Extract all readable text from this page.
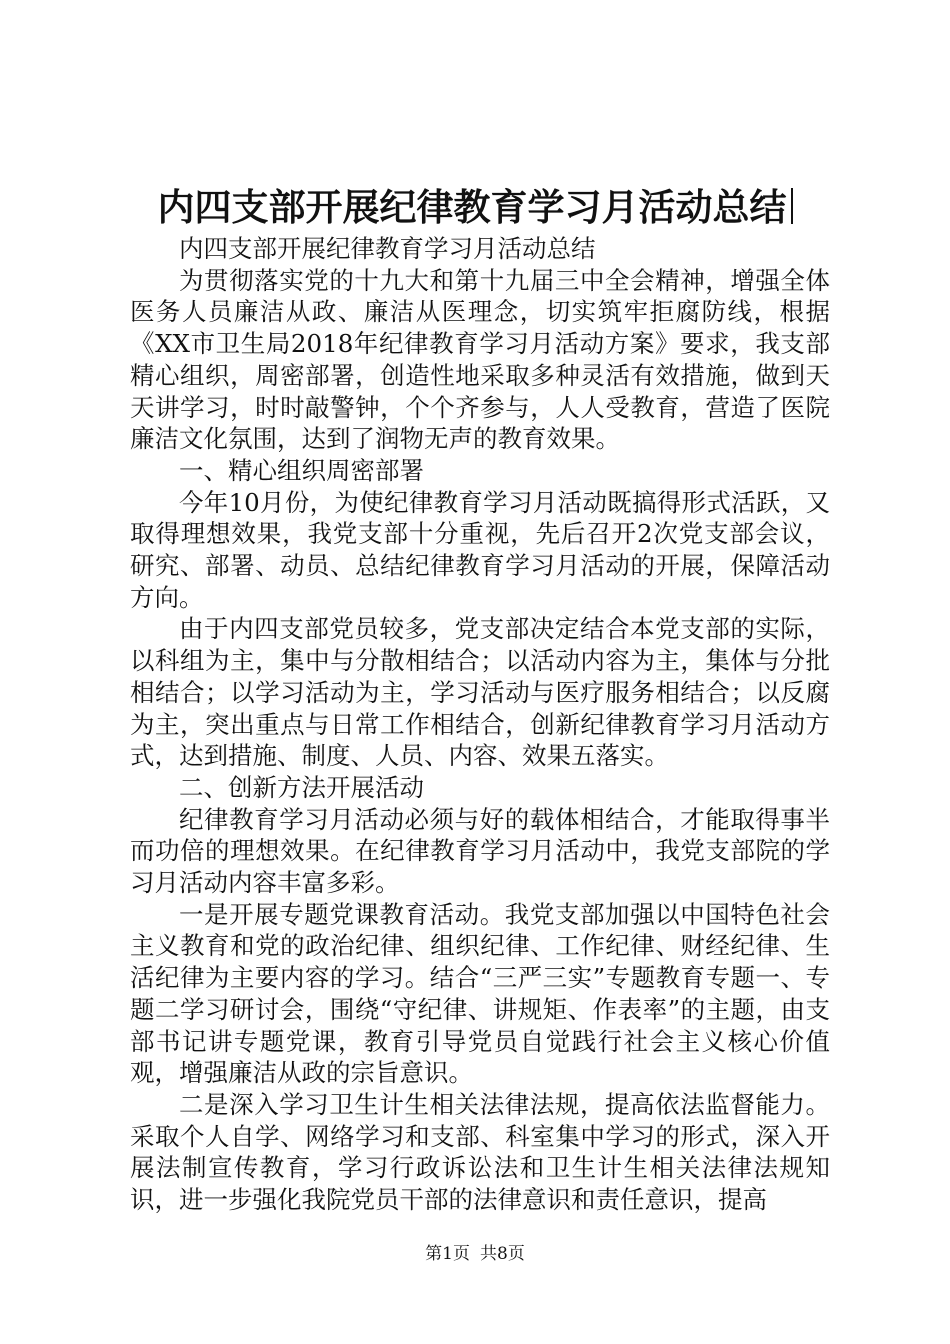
内四支部开展纪律教育学习月活动总结

内四支部开展纪律教育学习月活动总结

为贯彻落实党的十九大和第十九届三中全会精神，增强全体医务人员廉洁从政、廉洁从医理念，切实筑牢拒腐防线，根据《XX市卫生局2018年纪律教育学习月活动方案》要求，我支部精心组织，周密部署，创造性地采取多种灵活有效措施，做到天天讲学习，时时敲警钟，个个齐参与，人人受教育，营造了医院廉洁文化氛围，达到了润物无声的教育效果。

一、精心组织周密部署

今年10月份，为使纪律教育学习月活动既搞得形式活跃，又取得理想效果，我党支部十分重视，先后召开2次党支部会议，研究、部署、动员、总结纪律教育学习月活动的开展，保障活动方向。

由于内四支部党员较多，党支部决定结合本党支部的实际，以科组为主，集中与分散相结合；以活动内容为主，集体与分批相结合；以学习活动为主，学习活动与医疗服务相结合；以反腐为主，突出重点与日常工作相结合，创新纪律教育学习月活动方式，达到措施、制度、人员、内容、效果五落实。

二、创新方法开展活动

纪律教育学习月活动必须与好的载体相结合，才能取得事半而功倍的理想效果。在纪律教育学习月活动中，我党支部院的学习月活动内容丰富多彩。

一是开展专题党课教育活动。我党支部加强以中国特色社会主义教育和党的政治纪律、组织纪律、工作纪律、财经纪律、生活纪律为主要内容的学习。结合“三严三实”专题教育专题一、专题二学习研讨会，围绕“守纪律、讲规矩、作表率”的主题，由支部书记讲专题党课，教育引导党员自觉践行社会主义核心价值观，增强廉洁从政的宗旨意识。

二是深入学习卫生计生相关法律法规，提高依法监督能力。采取个人自学、网络学习和支部、科室集中学习的形式，深入开展法制宣传教育，学习行政诉讼法和卫生计生相关法律法规知识，进一步强化我院党员干部的法律意识和责任意识，提高

第1页 共8页
